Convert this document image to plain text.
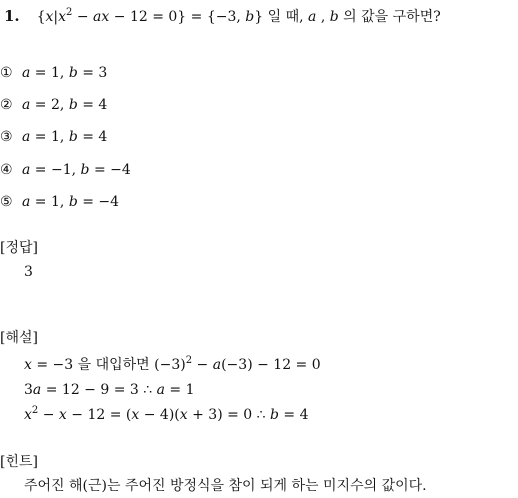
1. {$x|x^2$ − ax − 12 = 0} = {−3, b} 일 때, a , b 의 값을 구하면?
① a = 1, b = 3
② a = 2, b = 4
③ a = 1, b = 4
④ a = −1, b = −4
⑤ a = 1, b = −4
[정답]
3
[해설]
x = −3 을 대입하면 $(-3)^2 - a(-3) - 12 = 0$
3a = 12 − 9 = 3 ∴ a = 1
$x^2 - x - 12 = (x - 4)(x + 3) = 0$ ∴ b = 4
[힌트]
주어진 해(근)는 주어진 방정식을 참이 되게 하는 미지수의 값이다.
